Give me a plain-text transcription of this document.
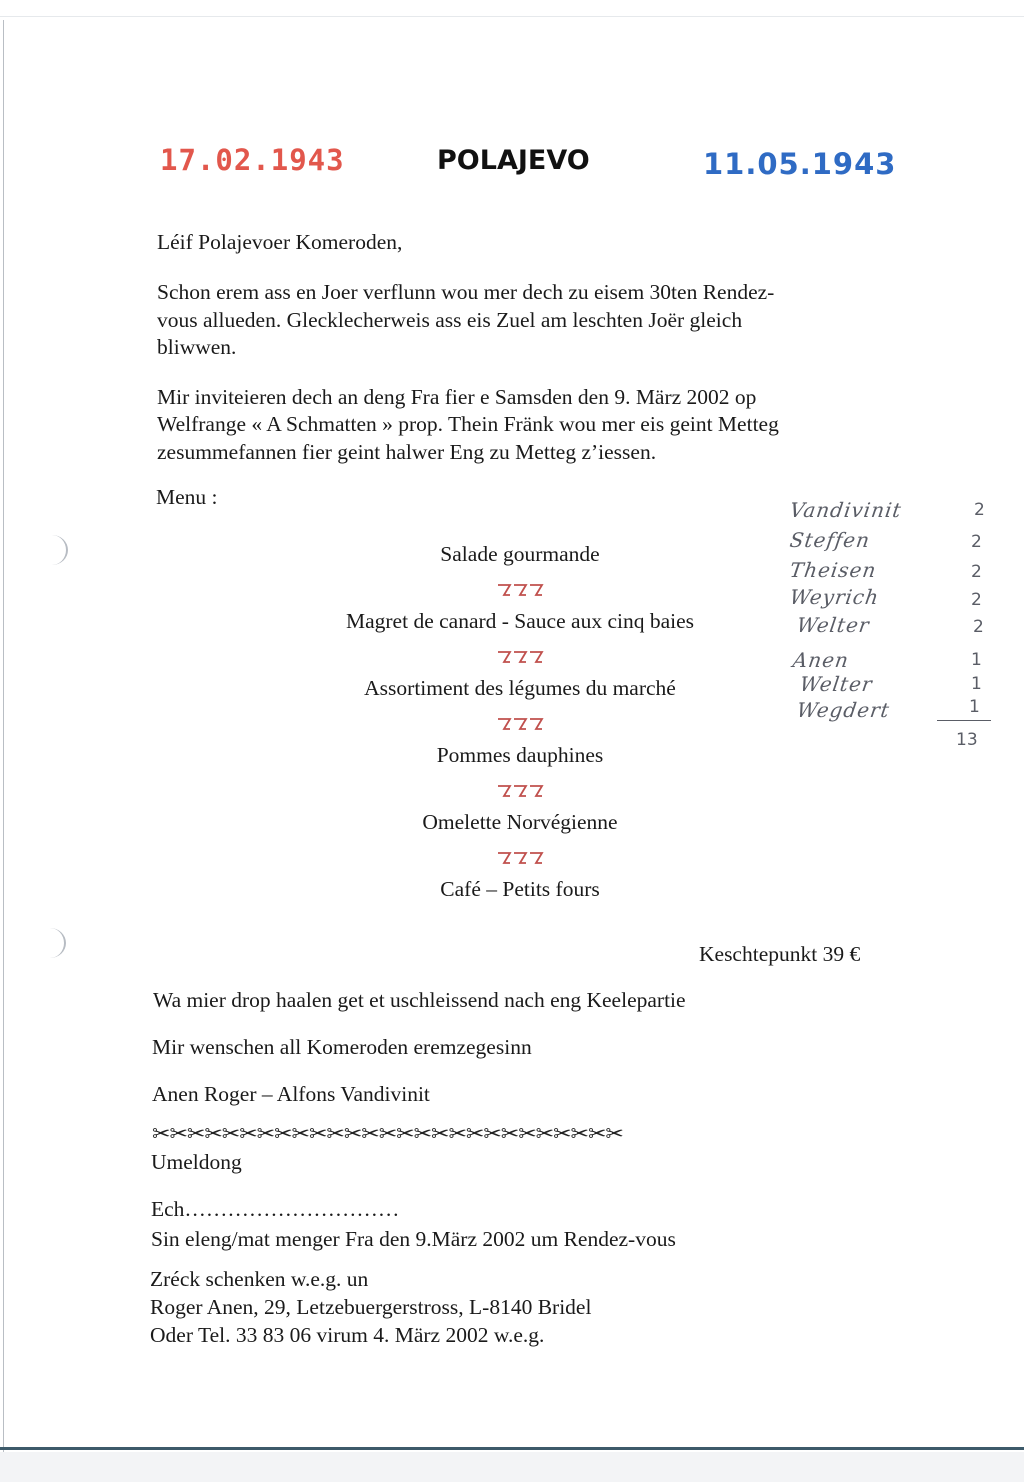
17.02.1943	POLAJEVO	11.05.1943
Léif Polajevoer Komeroden,
Schon erem ass en Joer verflunn wou mer dech zu eisem 30ten Rendez-
vous allueden. Glecklecherweis ass eis Zuel am leschten Joër gleich
bliwwen.
Mir inviteieren dech an deng Fra fier e Samsden den 9. März 2002 op
Welfrange « A Schmatten » prop. Thein Fränk wou mer eis geint Metteg
zesummefannen fier geint halwer Eng zu Metteg z’iessen.
Menu :
Salade gourmande
Magret de canard - Sauce aux cinq baies
Assortiment des légumes du marché
Pommes dauphines
Omelette Norvégienne
Café – Petits fours
Vandivinit
Steffen
Theisen
Weyrich
Welter
Anen
Welter
Wegdert
2
2
2
2
2
1
1
1
13
Keschtepunkt 39 €
Wa mier drop haalen get et uschleissend nach eng Keelepartie
Mir wenschen all Komeroden eremzegesinn
Anen Roger – Alfons Vandivinit
✂✂✂✂✂✂✂✂✂✂✂✂✂✂✂✂✂✂✂✂✂✂✂✂✂✂✂
Umeldong
Ech…………………………
Sin eleng/mat menger Fra den 9.März 2002 um Rendez-vous
Zréck schenken w.e.g. un
Roger Anen, 29, Letzebuergerstross, L-8140 Bridel
Oder Tel. 33 83 06 virum 4. März 2002 w.e.g.
